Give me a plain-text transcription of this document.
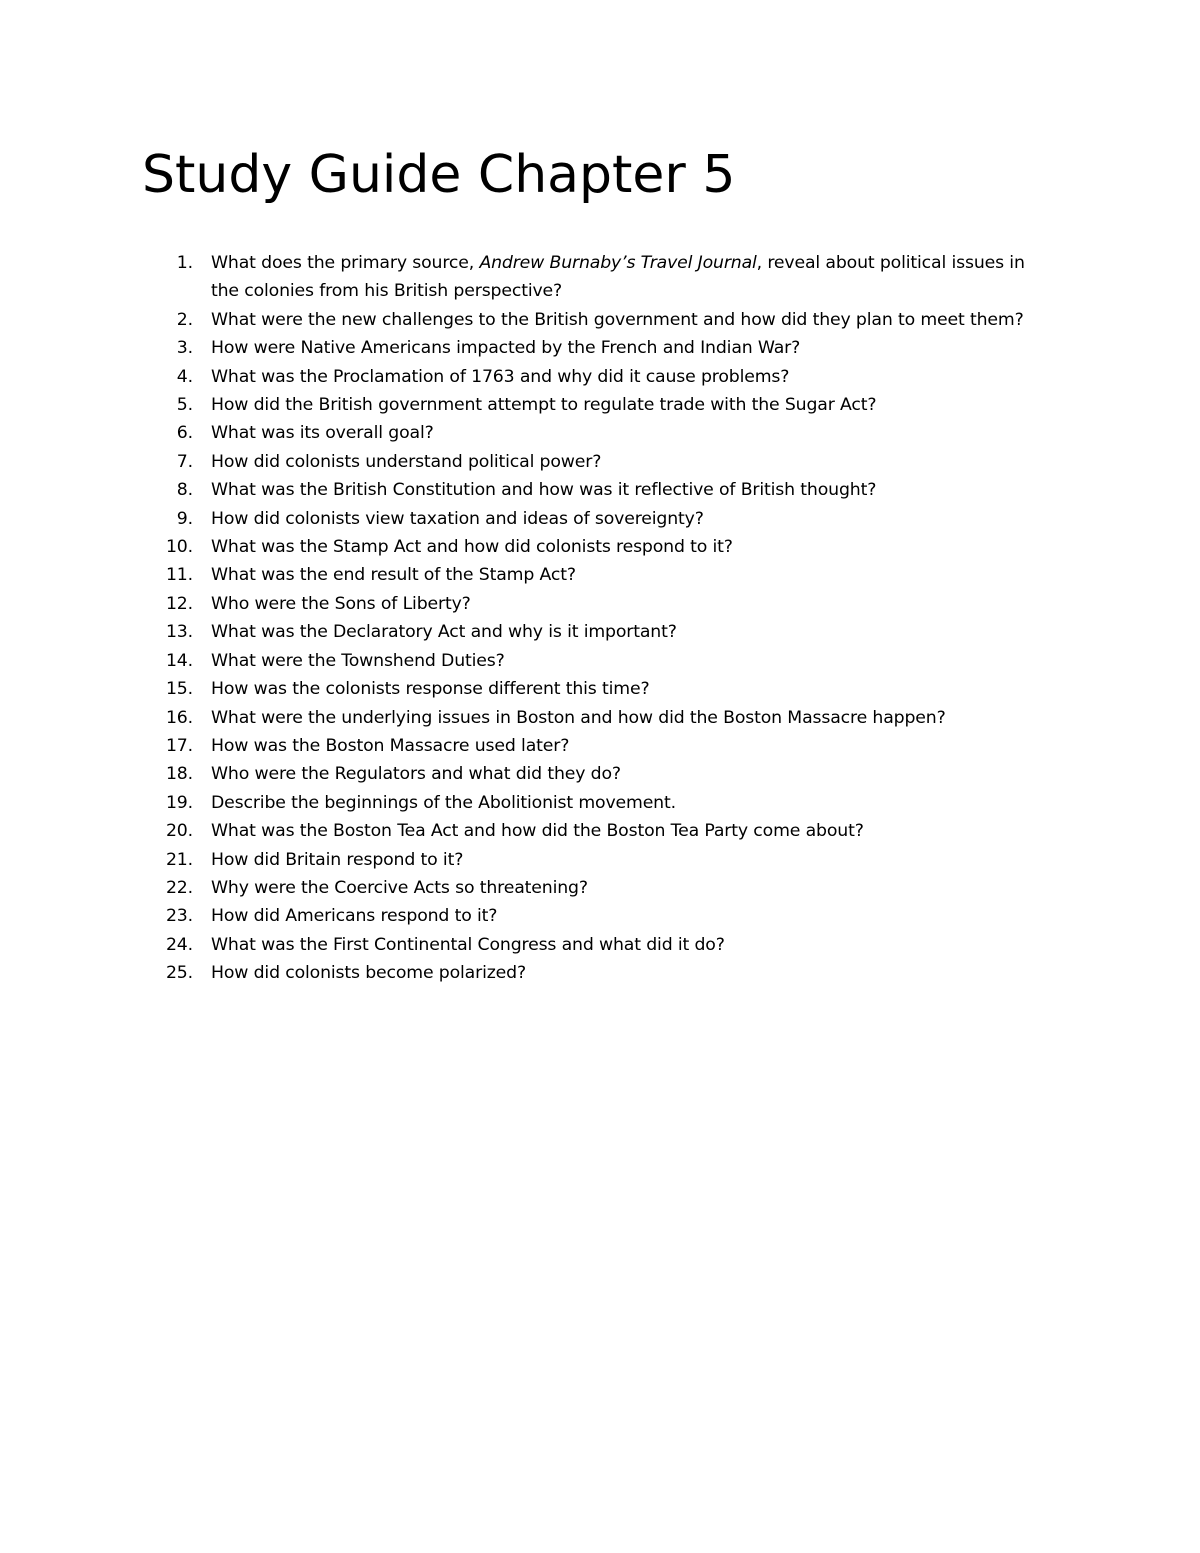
Study Guide Chapter 5
1. What does the primary source, Andrew Burnaby’s Travel Journal, reveal about political issues in
the colonies from his British perspective?
2. What were the new challenges to the British government and how did they plan to meet them?
3. How were Native Americans impacted by the French and Indian War?
4. What was the Proclamation of 1763 and why did it cause problems?
5. How did the British government attempt to regulate trade with the Sugar Act?
6. What was its overall goal?
7. How did colonists understand political power?
8. What was the British Constitution and how was it reflective of British thought?
9. How did colonists view taxation and ideas of sovereignty?
10. What was the Stamp Act and how did colonists respond to it?
11. What was the end result of the Stamp Act?
12. Who were the Sons of Liberty?
13. What was the Declaratory Act and why is it important?
14. What were the Townshend Duties?
15. How was the colonists response different this time?
16. What were the underlying issues in Boston and how did the Boston Massacre happen?
17. How was the Boston Massacre used later?
18. Who were the Regulators and what did they do?
19. Describe the beginnings of the Abolitionist movement.
20. What was the Boston Tea Act and how did the Boston Tea Party come about?
21. How did Britain respond to it?
22. Why were the Coercive Acts so threatening?
23. How did Americans respond to it?
24. What was the First Continental Congress and what did it do?
25. How did colonists become polarized?
